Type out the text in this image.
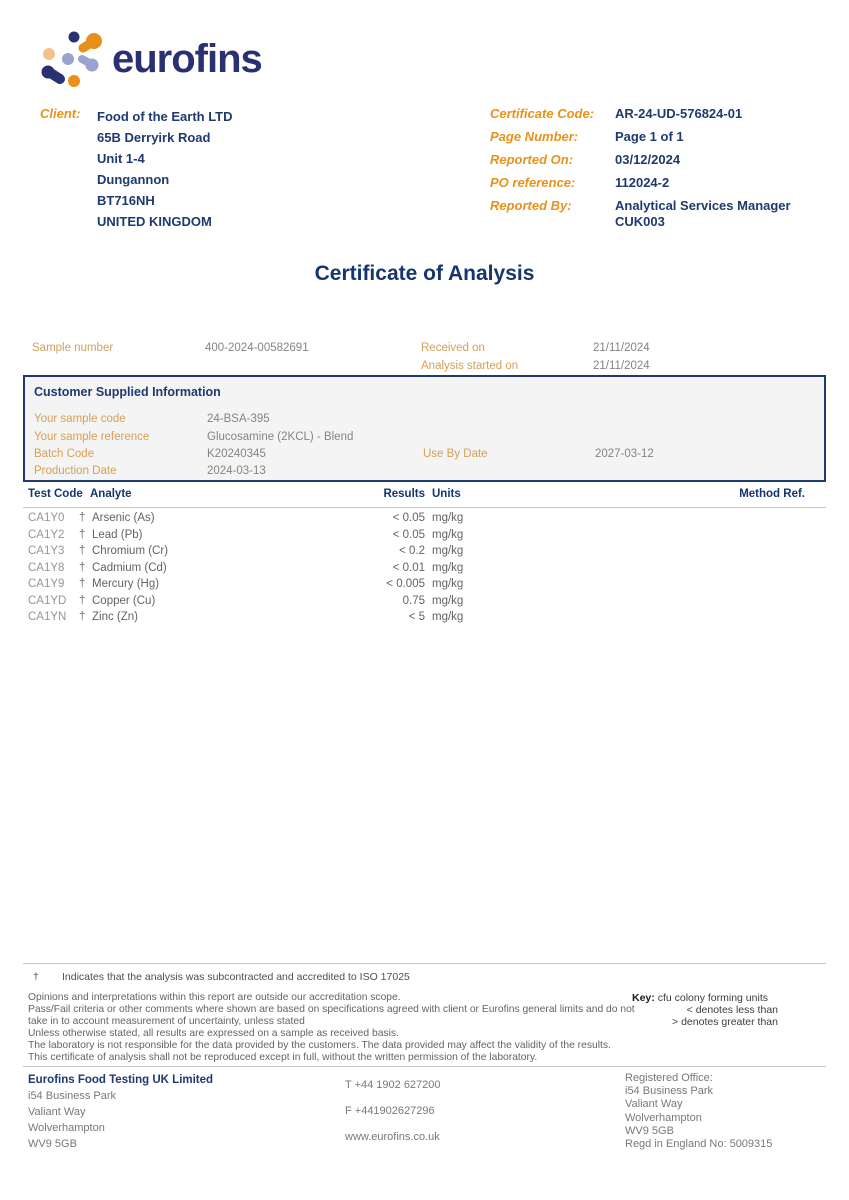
eurofins
Client: Food of the Earth LTD
65B Derryirk Road
Unit 1-4
Dungannon
BT716NH
UNITED KINGDOM
Certificate Code:	AR-24-UD-576824-01
Page Number:	Page 1 of 1
Reported On:	03/12/2024
PO reference:	112024-2
Reported By:	Analytical Services Manager
CUK003
Certificate of Analysis
Sample number	400-2024-00582691	Received on	21/11/2024
Analysis started on	21/11/2024
Customer Supplied Information
Your sample code	24-BSA-395
Your sample reference	Glucosamine (2KCL) - Blend
Batch Code	K20240345	Use By Date	2027-03-12
Production Date	2024-03-13
Test Code Analyte	Results Units	Method Ref.
CA1Y0 † Arsenic (As)	< 0.05 mg/kg
CA1Y2 † Lead (Pb)	< 0.05 mg/kg
CA1Y3 † Chromium (Cr)	< 0.2 mg/kg
CA1Y8 † Cadmium (Cd)	< 0.01 mg/kg
CA1Y9 † Mercury (Hg)	< 0.005 mg/kg
CA1YD † Copper (Cu)	0.75 mg/kg
CA1YN † Zinc (Zn)	< 5 mg/kg
† Indicates that the analysis was subcontracted and accredited to ISO 17025
Opinions and interpretations within this report are outside our accreditation scope.
Pass/Fail criteria or other comments where shown are based on specifications agreed with client or Eurofins general limits and do not take in to account measurement of uncertainty, unless stated
Unless otherwise stated, all results are expressed on a sample as received basis.
The laboratory is not responsible for the data provided by the customers. The data provided may affect the validity of the results.
This certificate of analysis shall not be reproduced except in full, without the written permission of the laboratory.
Key: cfu colony forming units
< denotes less than
> denotes greater than
Eurofins Food Testing UK Limited
i54 Business Park
Valiant Way
Wolverhampton
WV9 5GB
T +44 1902 627200
F +441902627296
www.eurofins.co.uk
Registered Office:
i54 Business Park
Valiant Way
Wolverhampton
WV9 5GB
Regd in England No: 5009315
